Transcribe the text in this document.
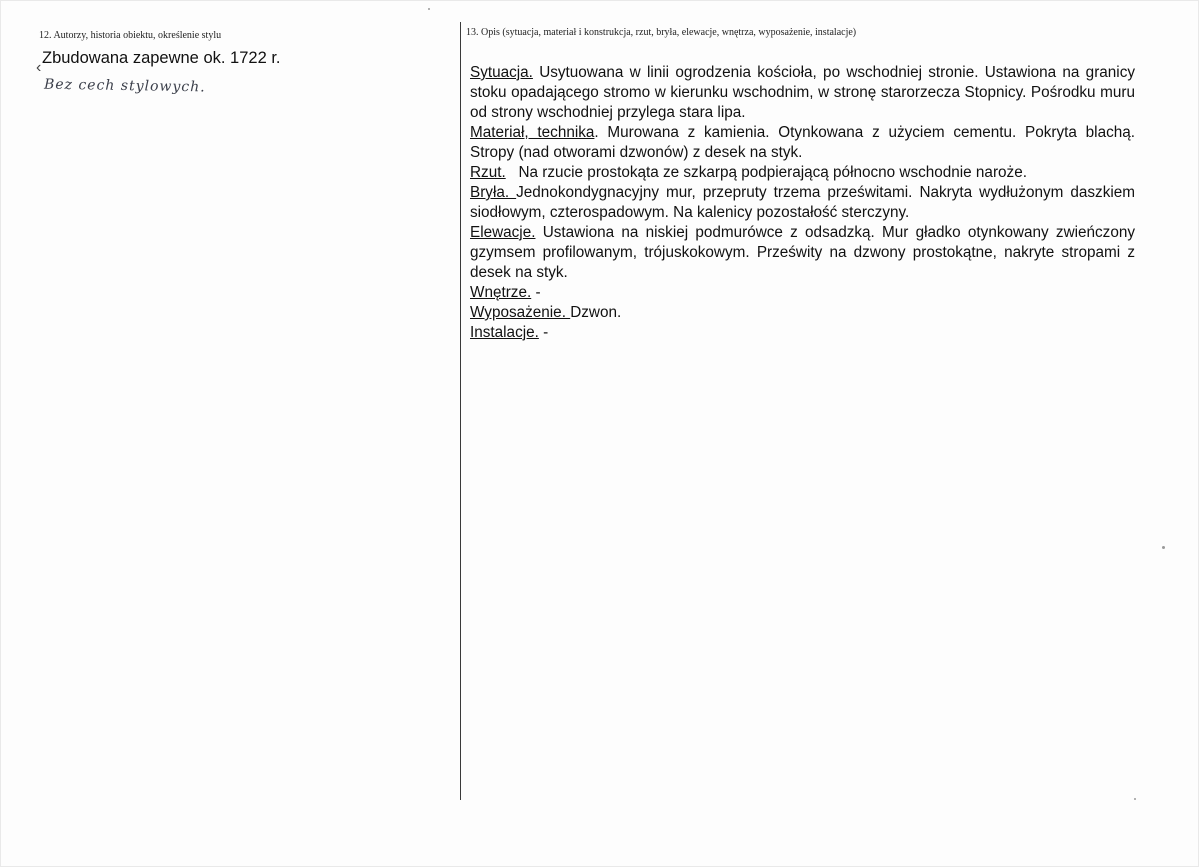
12. Autorzy, historia obiektu, określenie stylu
‹
Zbudowana zapewne ok. 1722 r.
Bez cech stylowych.
13. Opis (sytuacja, materiał i konstrukcja, rzut, bryła, elewacje, wnętrza, wyposażenie, instalacje)

Sytuacja. Usytuowana w linii ogrodzenia kościoła, po wschodniej stronie. Ustawiona na granicy stoku opadającego stromo w kierunku wschodnim, w stronę starorzecza Stopnicy. Pośrodku muru od strony wschodniej przylega stara lipa.

Materiał, technika. Murowana z kamienia. Otynkowana z użyciem cementu. Pokryta blachą. Stropy (nad otworami dzwonów) z desek na styk.

Rzut.   Na rzucie prostokąta ze szkarpą podpierającą północno wschodnie naroże.

Bryła. Jednokondygnacyjny mur, przepruty trzema prześwitami. Nakryta wydłużonym daszkiem siodłowym, czterospadowym. Na kalenicy pozostałość sterczyny.

Elewacje. Ustawiona na niskiej podmurówce z odsadzką. Mur gładko otynkowany zwieńczony gzymsem profilowanym, trójuskokowym. Prześwity na dzwony prostokątne, nakryte stropami z desek na styk.

Wnętrze. -

Wyposażenie. Dzwon.

Instalacje. -
